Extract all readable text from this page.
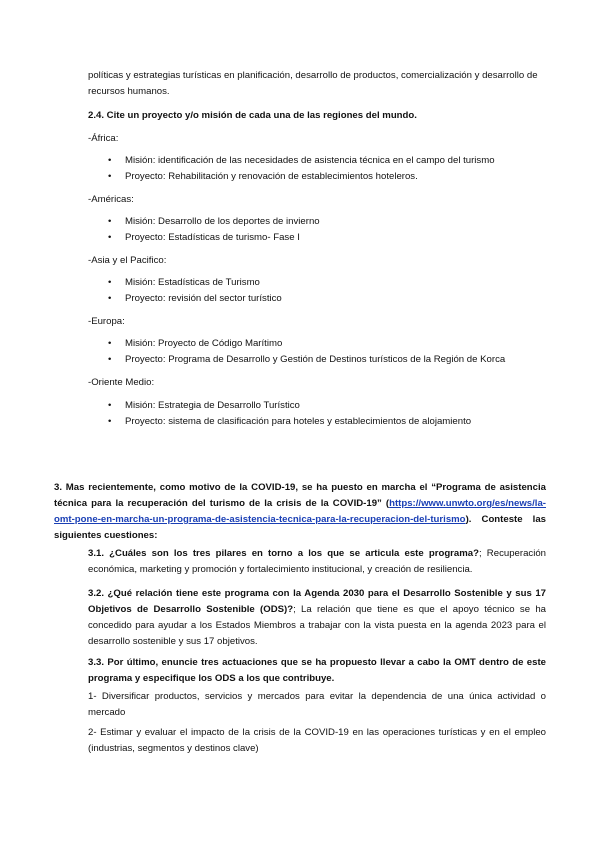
políticas y estrategias turísticas en planificación, desarrollo de productos, comercialización y desarrollo de recursos humanos.

2.4. Cite un proyecto y/o misión de cada una de las regiones del mundo.

-África:
• Misión: identificación de las necesidades de asistencia técnica en el campo del turismo
• Proyecto: Rehabilitación y renovación de establecimientos hoteleros.
-Américas:
• Misión: Desarrollo de los deportes de invierno
• Proyecto: Estadísticas de turismo- Fase I
-Asia y el Pacifico:
• Misión: Estadísticas de Turismo
• Proyecto: revisión del sector turístico
-Europa:
• Misión: Proyecto de Código Marítimo
• Proyecto: Programa de Desarrollo y Gestión de Destinos turísticos de la Región de Korca
-Oriente Medio:
• Misión: Estrategia de Desarrollo Turístico
• Proyecto: sistema de clasificación para hoteles y establecimientos de alojamiento

3. Mas recientemente, como motivo de la COVID-19, se ha puesto en marcha el “Programa de asistencia técnica para la recuperación del turismo de la crisis de la COVID-19” (https://www.unwto.org/es/news/la-omt-pone-en-marcha-un-programa-de-asistencia-tecnica-para-la-recuperacion-del-turismo). Conteste las siguientes cuestiones:

3.1. ¿Cuáles son los tres pilares en torno a los que se articula este programa?; Recuperación económica, marketing y promoción y fortalecimiento institucional, y creación de resiliencia.

3.2. ¿Qué relación tiene este programa con la Agenda 2030 para el Desarrollo Sostenible y sus 17 Objetivos de Desarrollo Sostenible (ODS)?; La relación que tiene es que el apoyo técnico se ha concedido para ayudar a los Estados Miembros a trabajar con la vista puesta en la agenda 2023 para el desarrollo sostenible y sus 17 objetivos.

3.3. Por último, enuncie tres actuaciones que se ha propuesto llevar a cabo la OMT dentro de este programa y especifique los ODS a los que contribuye.

1- Diversificar productos, servicios y mercados para evitar la dependencia de una única actividad o mercado

2- Estimar y evaluar el impacto de la crisis de la COVID-19 en las operaciones turísticas y en el empleo (industrias, segmentos y destinos clave)
